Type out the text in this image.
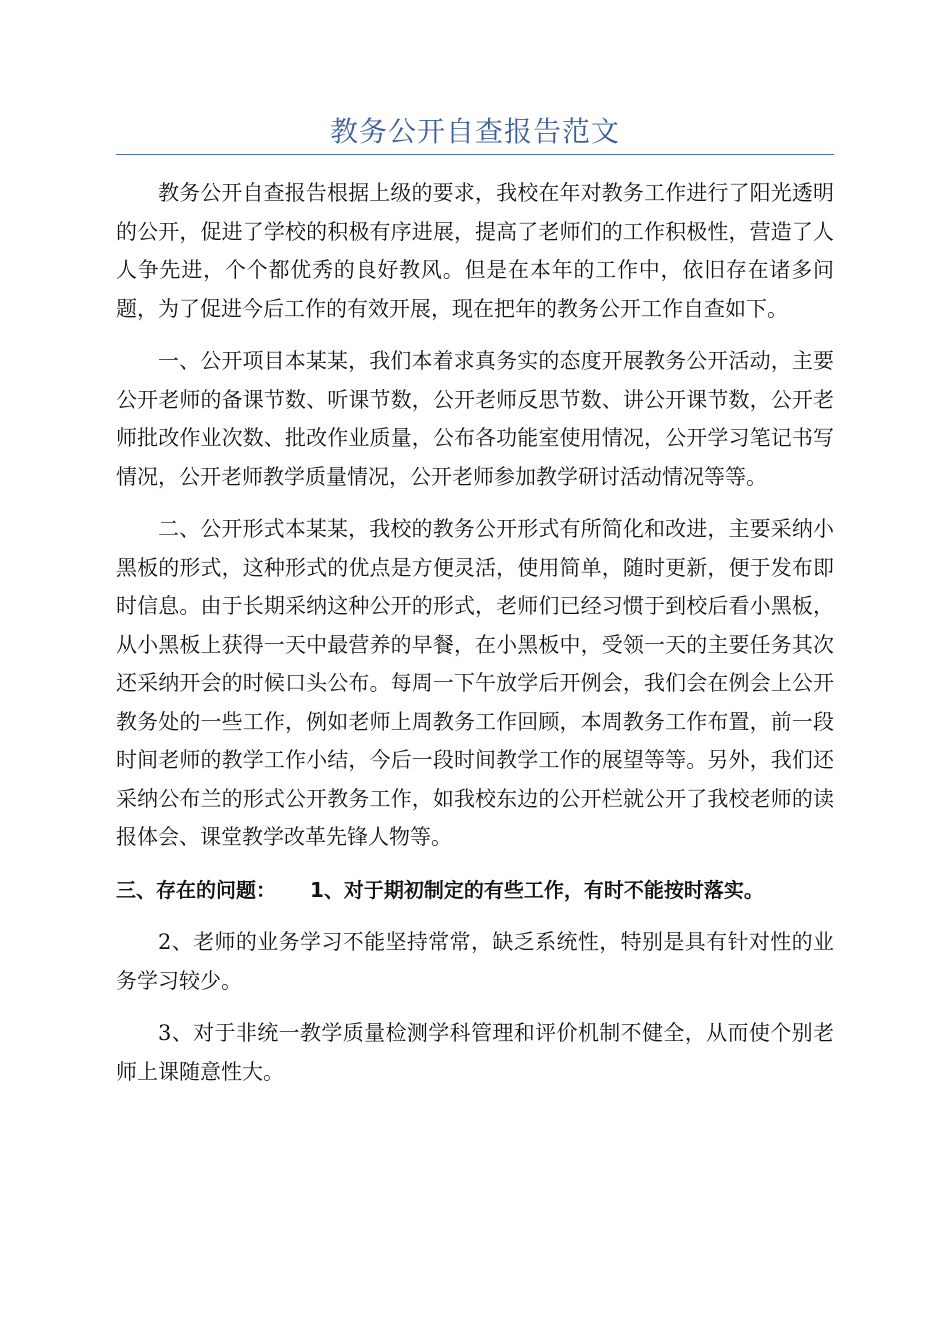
教务公开自查报告范文

教务公开自查报告根据上级的要求，我校在年对教务工作进行了阳光透明的公开，促进了学校的积极有序进展，提高了老师们的工作积极性，营造了人人争先进，个个都优秀的良好教风。但是在本年的工作中，依旧存在诸多问题，为了促进今后工作的有效开展，现在把年的教务公开工作自查如下。

一、公开项目本某某，我们本着求真务实的态度开展教务公开活动，主要公开老师的备课节数、听课节数，公开老师反思节数、讲公开课节数，公开老师批改作业次数、批改作业质量，公布各功能室使用情况，公开学习笔记书写情况，公开老师教学质量情况，公开老师参加教学研讨活动情况等等。

二、公开形式本某某，我校的教务公开形式有所简化和改进，主要采纳小黑板的形式，这种形式的优点是方便灵活，使用简单，随时更新，便于发布即时信息。由于长期采纳这种公开的形式，老师们已经习惯于到校后看小黑板，从小黑板上获得一天中最营养的早餐，在小黑板中，受领一天的主要任务其次还采纳开会的时候口头公布。每周一下午放学后开例会，我们会在例会上公开教务处的一些工作，例如老师上周教务工作回顾，本周教务工作布置，前一段时间老师的教学工作小结，今后一段时间教学工作的展望等等。另外，我们还采纳公布兰的形式公开教务工作，如我校东边的公开栏就公开了我校老师的读报体会、课堂教学改革先锋人物等。

三、存在的问题： 1、对于期初制定的有些工作，有时不能按时落实。

2、老师的业务学习不能坚持常常，缺乏系统性，特别是具有针对性的业务学习较少。

3、对于非统一教学质量检测学科管理和评价机制不健全，从而使个别老师上课随意性大。
